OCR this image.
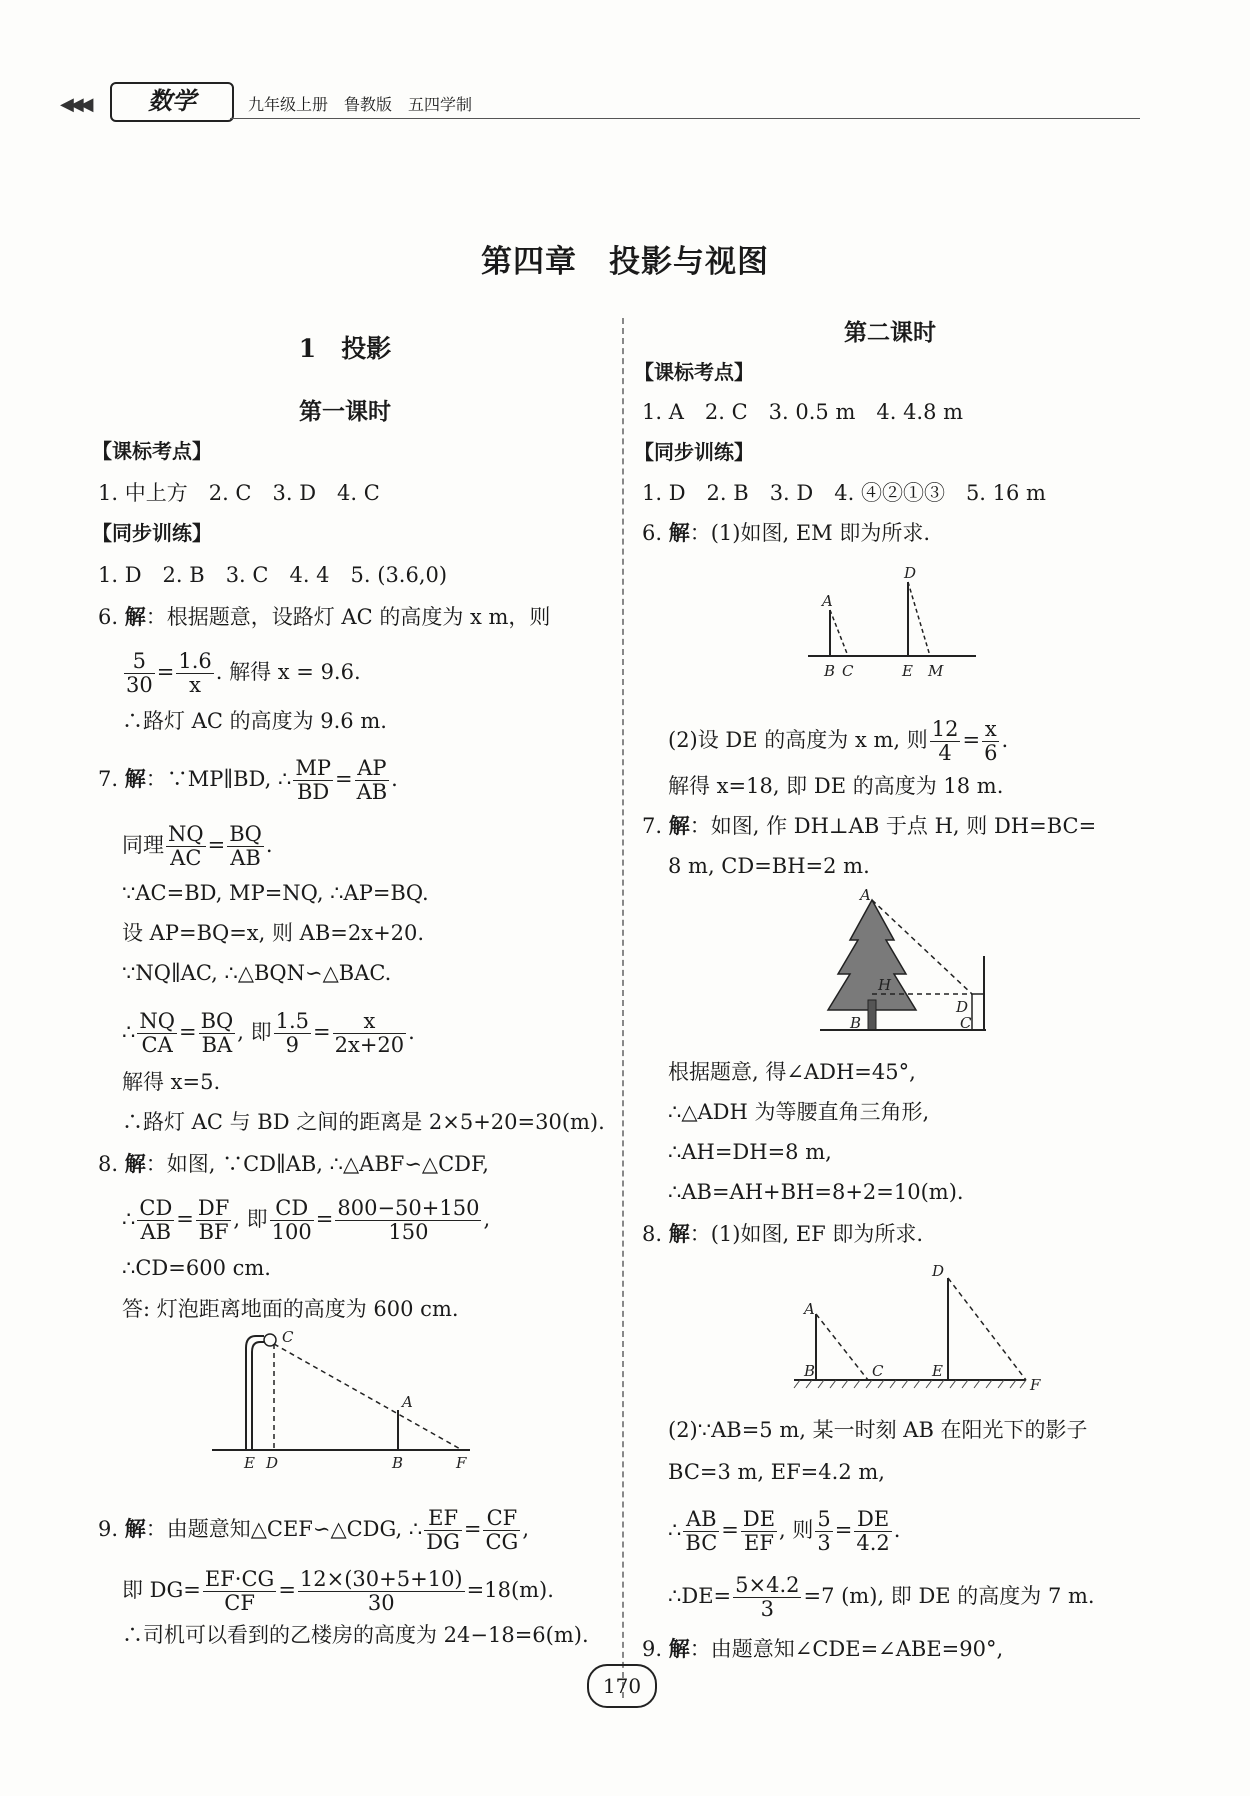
◀◀◀	数学	九年级上册　鲁教版　五四学制
第四章　投影与视图
1　投影
第一课时
【课标考点】
1. 中上方　2. C　3. D　4. C
【同步训练】
1. D　2. B　3. C　4. 4　5. (3.6,0)
6. 解：根据题意，设路灯 AC 的高度为 x m，则
$\frac{5}{30} = \frac{1.6}{x}$ . 解得 x = 9.6.
∴路灯 AC 的高度为 9.6 m.
7. 解：∵MP∥BD, ∴ $\frac{MP}{BD} = \frac{AP}{AB}$ .
同理 $\frac{NQ}{AC} = \frac{BQ}{AB}$ .
∵AC=BD, MP=NQ, ∴AP=BQ.
设 AP=BQ=x, 则 AB=2x+20.
∵NQ∥AC, ∴△BQN∽△BAC.
∴ $\frac{NQ}{CA} = \frac{BQ}{BA}$ , 即 $\frac{1.5}{9} = \frac{x}{2x+20}$ .
解得 x=5.
∴路灯 AC 与 BD 之间的距离是 2×5+20=30(m).
8. 解：如图, ∵CD∥AB, ∴△ABF∽△CDF,
∴ $\frac{CD}{AB} = \frac{DF}{BF}$ , 即 $\frac{CD}{100} = \frac{800-50+150}{150}$ ,
∴CD=600 cm.
答: 灯泡距离地面的高度为 600 cm.
C
A
E D	B	F
9. 解：由题意知△CEF∽△CDG, ∴ $\frac{EF}{DG} = \frac{CF}{CG}$ ,
即 $DG= \frac{EF\cdot CG}{CF} = \frac{12\times(30+5+10)}{30} =18(m)$.
∴司机可以看到的乙楼房的高度为 24−18=6(m).
第二课时
【课标考点】
1. A　2. C　3. 0.5 m　4. 4.8 m
【同步训练】
1. D　2. B　3. D　4. ④②①③　5. 16 m
6. 解：(1)如图, EM 即为所求.
D
A
B C	E M
(2)设 DE 的高度为 x m, 则 $\frac{12}{4} = \frac{x}{6}$ .
解得 x=18, 即 DE 的高度为 18 m.
7. 解：如图, 作 DH⊥AB 于点 H, 则 DH=BC=
8 m, CD=BH=2 m.
A
H
D
B	C
根据题意, 得∠ADH=45°,
∴△ADH 为等腰直角三角形,
∴AH=DH=8 m,
∴AB=AH+BH=8+2=10(m).
8. 解：(1)如图, EF 即为所求.
D
A
B	C	E
F
(2)∵AB=5 m, 某一时刻 AB 在阳光下的影子
BC=3 m, EF=4.2 m,
∴ $\frac{AB}{BC} = \frac{DE}{EF}$ , 则 $\frac{5}{3} = \frac{DE}{4.2}$ .
∴DE= $\frac{5\times 4.2}{3} =7$ (m), 即 DE 的高度为 7 m.
9. 解：由题意知∠CDE=∠ABE=90°,
170
